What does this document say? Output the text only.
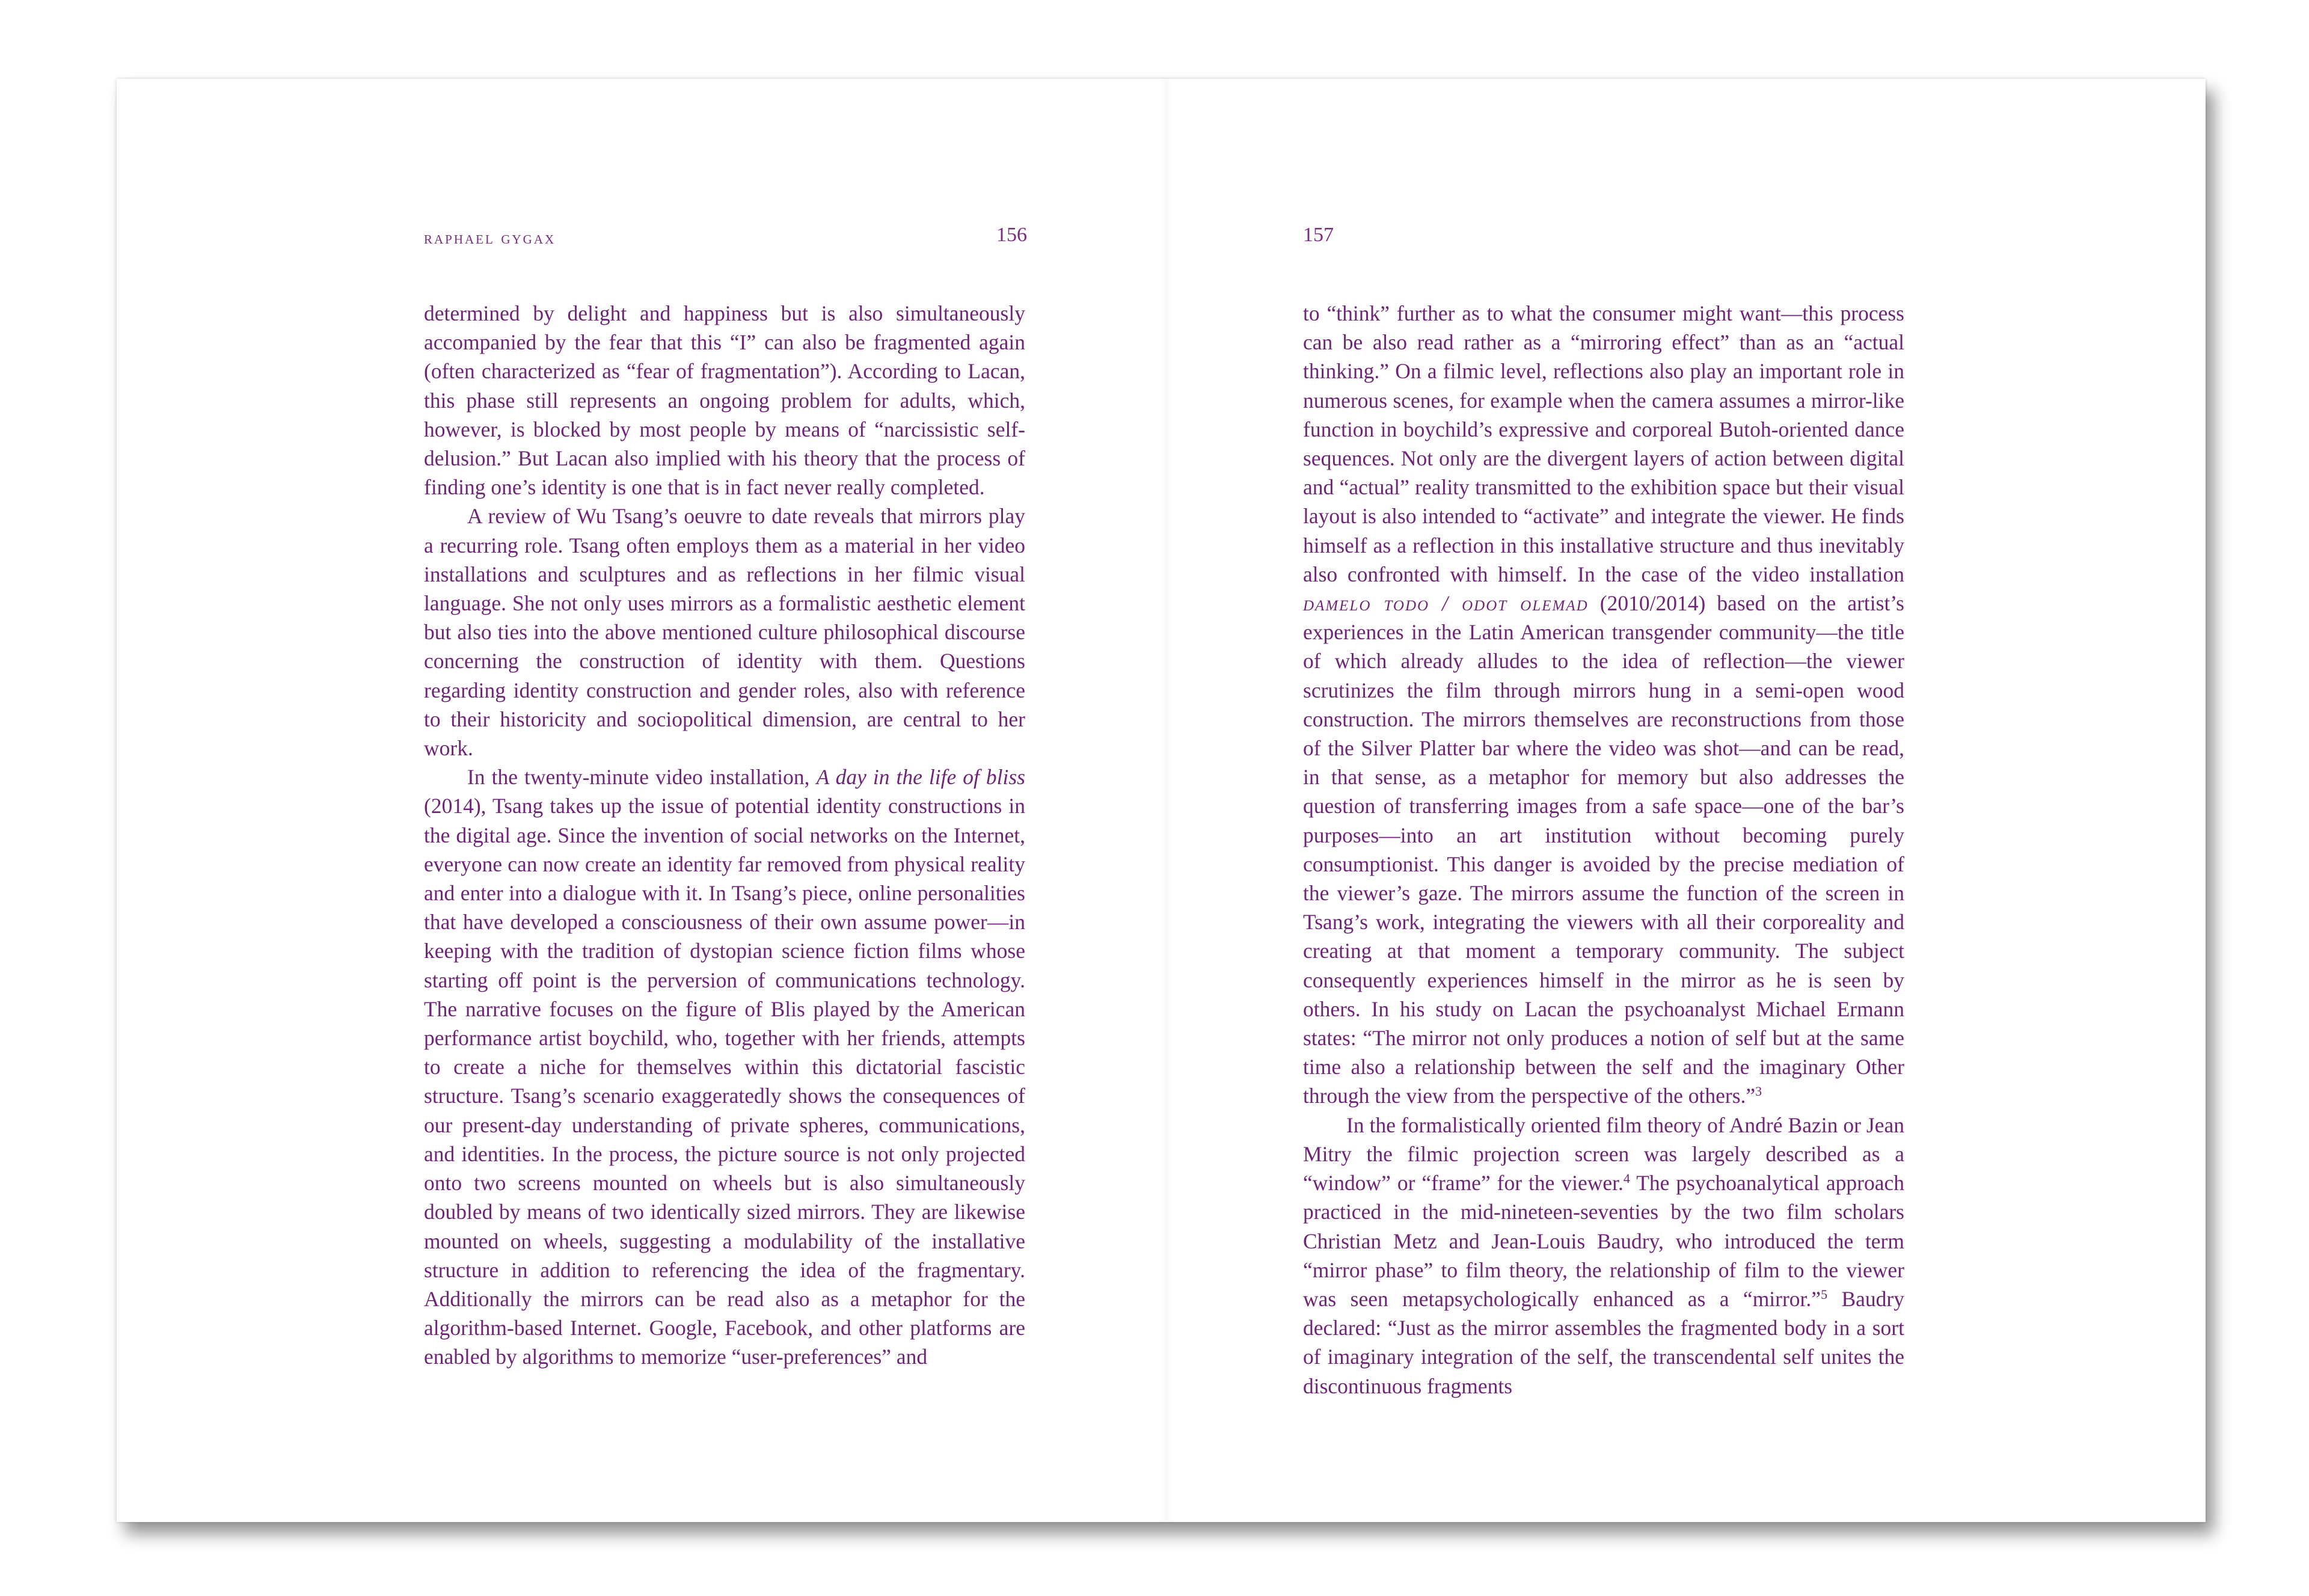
raphael gygax	156	157

determined by delight and happiness but is also simultaneously accompanied by the fear that this “I” can also be fragmented again (often characterized as “fear of fragmentation”). According to Lacan, this phase still represents an ongoing problem for adults, which, however, is blocked by most people by means of “narcissistic self-delusion.” But Lacan also implied with his theory that the process of finding one’s identity is one that is in fact never really completed.

A review of Wu Tsang’s oeuvre to date reveals that mirrors play a recurring role. Tsang often employs them as a material in her video installations and sculptures and as reflections in her filmic visual language. She not only uses mirrors as a formalistic aesthetic element but also ties into the above mentioned culture philosophical discourse concerning the construction of identity with them. Questions regarding identity construction and gender roles, also with reference to their historicity and sociopolitical dimension, are central to her work.

In the twenty-minute video installation, A day in the life of bliss (2014), Tsang takes up the issue of potential identity constructions in the digital age. Since the invention of social networks on the Internet, everyone can now create an identity far removed from physical reality and enter into a dialogue with it. In Tsang’s piece, online personalities that have developed a consciousness of their own assume power—in keeping with the tradition of dystopian science fiction films whose starting off point is the perversion of communications technology. The narrative focuses on the figure of Blis played by the American performance artist boychild, who, together with her friends, attempts to create a niche for themselves within this dictatorial fascistic structure. Tsang’s scenario exaggeratedly shows the consequences of our present-day understanding of private spheres, communications, and identities. In the process, the picture source is not only projected onto two screens mounted on wheels but is also simultaneously doubled by means of two identically sized mirrors. They are likewise mounted on wheels, suggesting a modulability of the installative structure in addition to referencing the idea of the fragmentary. Additionally the mirrors can be read also as a metaphor for the algorithm-based Internet. Google, Facebook, and other platforms are enabled by algorithms to memorize “user-preferences” and

to “think” further as to what the consumer might want—this process can be also read rather as a “mirroring effect” than as an “actual thinking.” On a filmic level, reflections also play an important role in numerous scenes, for example when the camera assumes a mirror-like function in boychild’s expressive and corporeal Butoh-oriented dance sequences. Not only are the divergent layers of action between digital and “actual” reality transmitted to the exhibition space but their visual layout is also intended to “activate” and integrate the viewer. He finds himself as a reflection in this installative structure and thus inevitably also confronted with himself. In the case of the video installation damelo todo / odot olemad (2010/2014) based on the artist’s experiences in the Latin American transgender community—the title of which already alludes to the idea of reflection—the viewer scrutinizes the film through mirrors hung in a semi-open wood construction. The mirrors themselves are reconstructions from those of the Silver Platter bar where the video was shot—and can be read, in that sense, as a metaphor for memory but also addresses the question of transferring images from a safe space—one of the bar’s purposes—into an art institution without becoming purely consumptionist. This danger is avoided by the precise mediation of the viewer’s gaze. The mirrors assume the function of the screen in Tsang’s work, integrating the viewers with all their corporeality and creating at that moment a temporary community. The subject consequently experiences himself in the mirror as he is seen by others. In his study on Lacan the psychoanalyst Michael Ermann states: “The mirror not only produces a notion of self but at the same time also a relationship between the self and the imaginary Other through the view from the perspective of the others.”$^3$

In the formalistically oriented film theory of André Bazin or Jean Mitry the filmic projection screen was largely described as a “window” or “frame” for the viewer.$^4$ The psychoanalytical approach practiced in the mid-nineteen-seventies by the two film scholars Christian Metz and Jean-Louis Baudry, who introduced the term “mirror phase” to film theory, the relationship of film to the viewer was seen metapsychologically enhanced as a “mirror.”$^5$ Baudry declared: “Just as the mirror assembles the fragmented body in a sort of imaginary integration of the self, the transcendental self unites the discontinuous fragments
